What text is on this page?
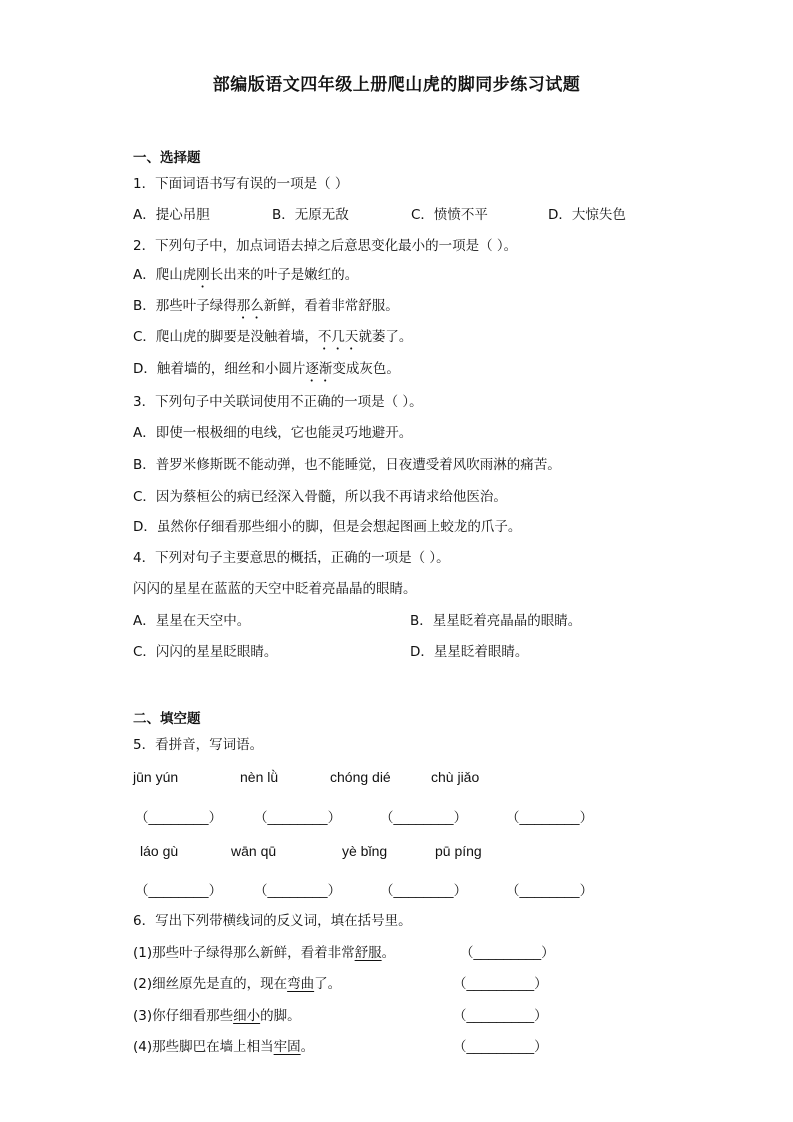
部编版语文四年级上册爬山虎的脚同步练习试题
一、选择题
1．下面词语书写有误的一项是（ ）
A．提心吊胆	B．无原无敌	C．愤愤不平	D．大惊失色
2．下列句子中，加点词语去掉之后意思变化最小的一项是（ ）。
A．爬山虎刚长出来的叶子是嫩红的。
B．那些叶子绿得那么新鲜，看着非常舒服。
C．爬山虎的脚要是没触着墙，不几天就萎了。
D．触着墙的，细丝和小圆片逐渐变成灰色。
3．下列句子中关联词使用不正确的一项是（ ）。
A．即使一根极细的电线，它也能灵巧地避开。
B．普罗米修斯既不能动弹，也不能睡觉，日夜遭受着风吹雨淋的痛苦。
C．因为蔡桓公的病已经深入骨髓，所以我不再请求给他医治。
D．虽然你仔细看那些细小的脚，但是会想起图画上蛟龙的爪子。
4．下列对句子主要意思的概括，正确的一项是（ ）。
闪闪的星星在蓝蓝的天空中眨着亮晶晶的眼睛。
A．星星在天空中。	B．星星眨着亮晶晶的眼睛。
C．闪闪的星星眨眼睛。	D．星星眨着眼睛。
二、填空题
5．看拼音，写词语。
jūn yún	nèn lǜ	chóng dié	chù jiǎo
（________） （________）	（________）	（________）
láo gù	wān qū	yè bǐng	pū píng
（________） （________）	（________）	（________）
6．写出下列带横线词的反义词，填在括号里。
(1)那些叶子绿得那么新鲜，看着非常舒服。	（_________）
(2)细丝原先是直的，现在弯曲了。	（_________）
(3)你仔细看那些细小的脚。	（_________）
(4)那些脚巴在墙上相当牢固。	（_________）
